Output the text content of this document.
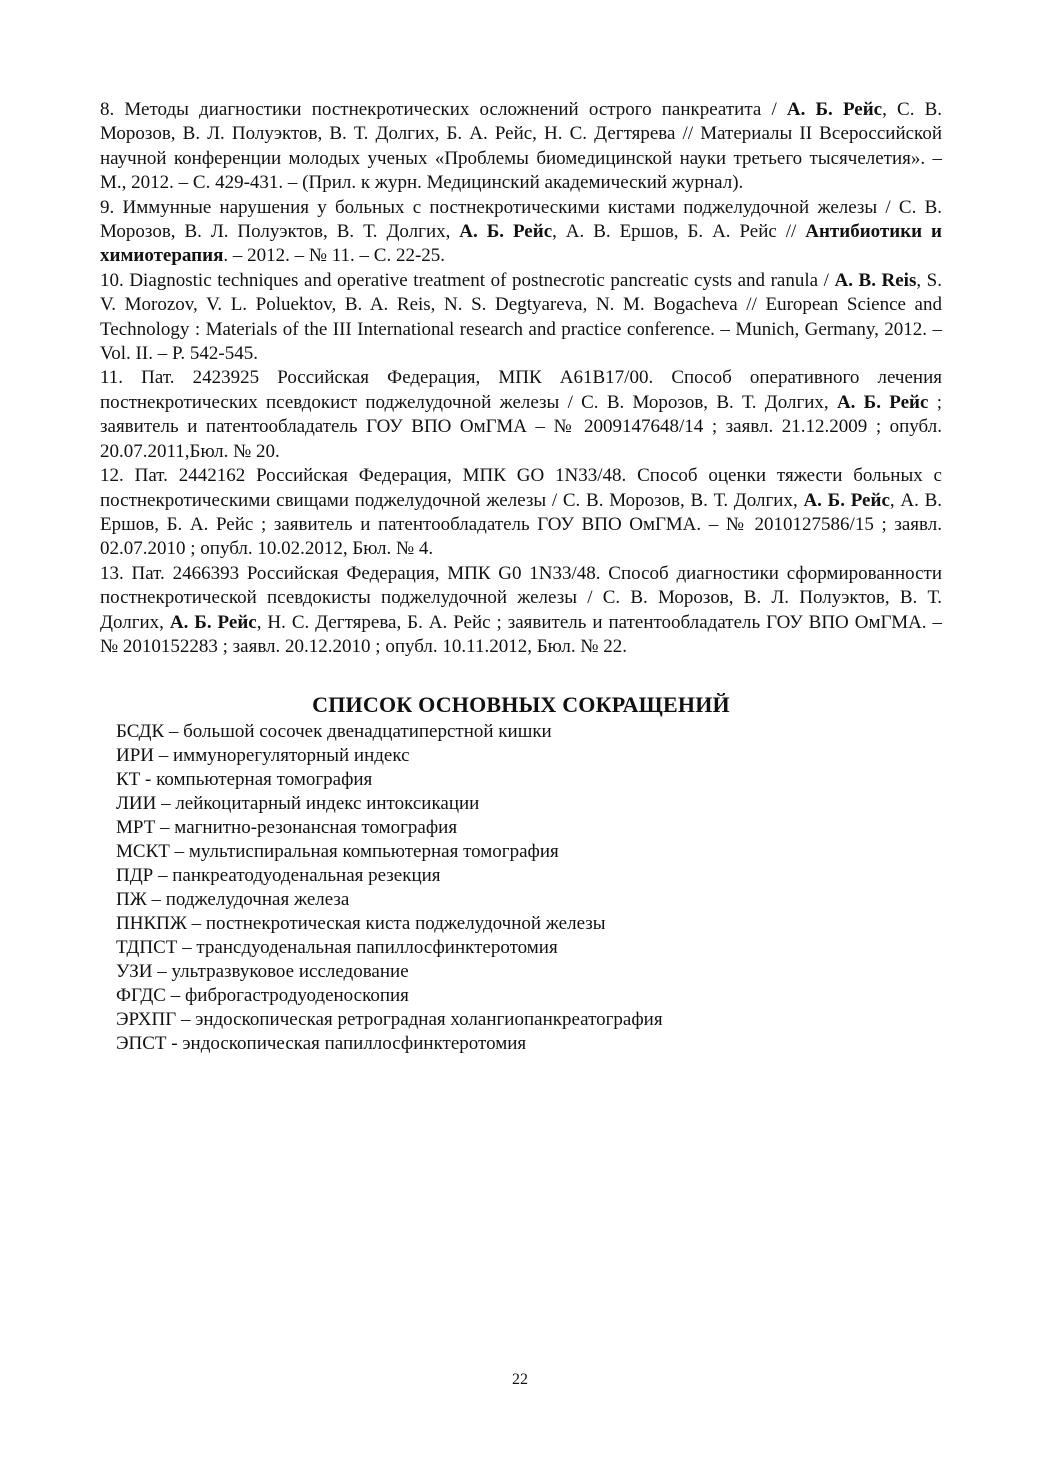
8. Методы диагностики постнекротических осложнений острого панкреатита / А. Б. Рейс, С. В. Морозов, В. Л. Полуэктов, В. Т. Долгих, Б. А. Рейс, Н. С. Дегтярева // Материалы II Всероссийской научной конференции молодых ученых «Проблемы биомедицинской науки третьего тысячелетия». – М., 2012. – С. 429-431. – (Прил. к журн. Медицинский академический журнал).

9. Иммунные нарушения у больных с постнекротическими кистами поджелудочной железы / С. В. Морозов, В. Л. Полуэктов, В. Т. Долгих, А. Б. Рейс, А. В. Ершов, Б. А. Рейс // Антибиотики и химиотерапия. – 2012. – № 11. – С. 22-25.

10. Diagnostic techniques and operative treatment of postnecrotic pancreatic cysts and ranula / A. B. Reis, S. V. Morozov, V. L. Poluektov, B. A. Reis, N. S. Degtyareva, N. M. Bogacheva // European Science and Technology : Materials of the III International research and practice conference. – Munich, Germany, 2012. – Vol. II. – P. 542-545.

11. Пат. 2423925 Российская Федерация, МПК А61В17/00. Способ оперативного лечения постнекротических псевдокист поджелудочной железы / С. В. Морозов, В. Т. Долгих, А. Б. Рейс ; заявитель и патентообладатель ГОУ ВПО ОмГМА – № 2009147648/14 ; заявл. 21.12.2009 ; опубл. 20.07.2011,Бюл. № 20.

12. Пат. 2442162 Российская Федерация, МПК GO 1N33/48. Способ оценки тяжести больных с постнекротическими свищами поджелудочной железы / С. В. Морозов, В. Т. Долгих, А. Б. Рейс, А. В. Ершов, Б. А. Рейс ; заявитель и патентообладатель ГОУ ВПО ОмГМА. – № 2010127586/15 ; заявл. 02.07.2010 ; опубл. 10.02.2012, Бюл. № 4.

13. Пат. 2466393 Российская Федерация, МПК G0 1N33/48. Способ диагностики сформированности постнекротической псевдокисты поджелудочной железы / С. В. Морозов, В. Л. Полуэктов, В. Т. Долгих, А. Б. Рейс, Н. С. Дегтярева, Б. А. Рейс ; заявитель и патентообладатель ГОУ ВПО ОмГМА. – № 2010152283 ; заявл. 20.12.2010 ; опубл. 10.11.2012, Бюл. № 22.

СПИСОК ОСНОВНЫХ СОКРАЩЕНИЙ
БСДК – большой сосочек двенадцатиперстной кишки
ИРИ – иммунорегуляторный индекс
КТ - компьютерная томография
ЛИИ – лейкоцитарный индекс интоксикации
МРТ – магнитно-резонансная томография
МСКТ – мультиспиральная компьютерная томография
ПДР – панкреатодуоденальная резекция
ПЖ – поджелудочная железа
ПНКПЖ – постнекротическая киста поджелудочной железы
ТДПСТ – трансдуоденальная папиллосфинктеротомия
УЗИ – ультразвуковое исследование
ФГДС – фиброгастродуоденоскопия
ЭРХПГ – эндоскопическая ретроградная холангиопанкреатография
ЭПСТ - эндоскопическая папиллосфинктеротомия
22
